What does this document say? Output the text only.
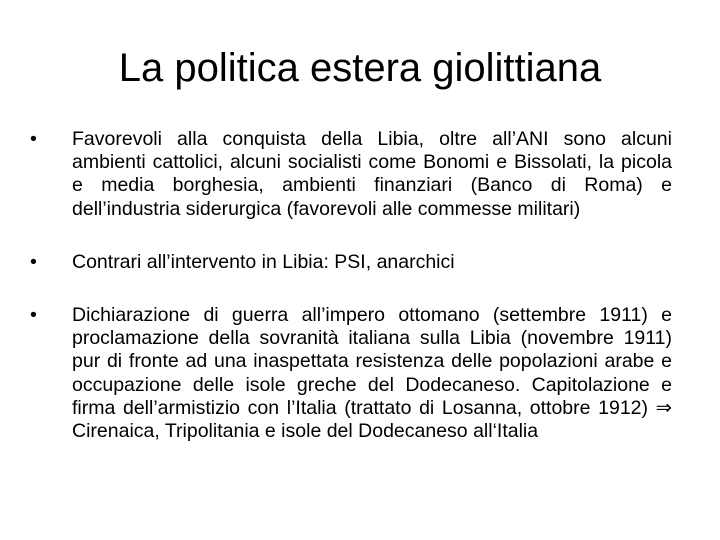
La politica estera giolittiana
•	Favorevoli alla conquista della Libia, oltre all’ANI sono alcuni ambienti cattolici, alcuni socialisti come Bonomi e Bissolati, la picola e media borghesia, ambienti finanziari (Banco di Roma) e dell’industria siderurgica (favorevoli alle commesse militari)
•	Contrari all’intervento in Libia: PSI, anarchici
•	Dichiarazione di guerra all’impero ottomano (settembre 1911) e proclamazione della sovranità italiana sulla Libia (novembre 1911) pur di fronte ad una inaspettata resistenza delle popolazioni arabe e occupazione delle isole greche del Dodecaneso. Capitolazione e firma dell’armistizio con l’Italia (trattato di Losanna, ottobre 1912) ⇒ Cirenaica, Tripolitania e isole del Dodecaneso all‘Italia
